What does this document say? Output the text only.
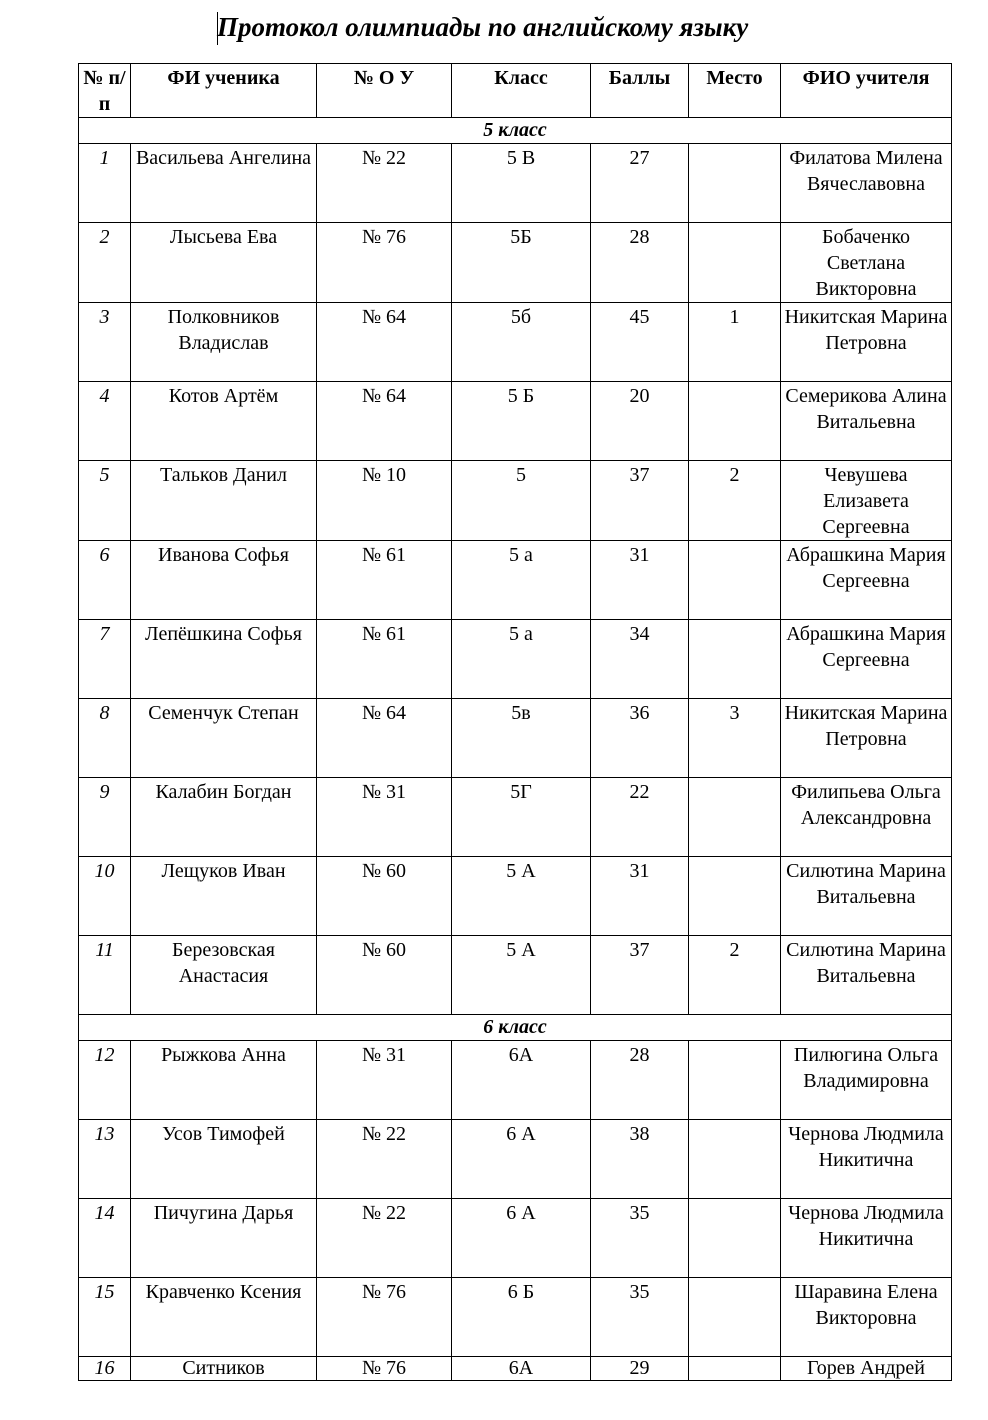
Протокол олимпиады по английскому языку
№ п/п	ФИ ученика	№ О У	Класс	Баллы	Место	ФИО учителя
5 класс						
1	Васильева Ангелина	№ 22	5 В	27		Филатова Милена Вячеславовна
2	Лысьева Ева	№ 76	5Б	28		Бобаченко Светлана Викторовна
3	Полковников Владислав	№ 64	5б	45	1	Никитская Марина Петровна
4	Котов Артём	№ 64	5 Б	20		Семерикова Алина Витальевна
5	Тальков Данил	№ 10	5	37	2	Чевушева Елизавета Сергеевна
6	Иванова Софья	№ 61	5 а	31		Абрашкина Мария Сергеевна
7	Лепёшкина Софья	№ 61	5 а	34		Абрашкина Мария Сергеевна
8	Семенчук Степан	№ 64	5в	36	3	Никитская Марина Петровна
9	Калабин Богдан	№ 31	5Г	22		Филипьева Ольга Александровна
10	Лещуков Иван	№ 60	5 А	31		Силютина Марина Витальевна
11	Березовская Анастасия	№ 60	5 А	37	2	Силютина Марина Витальевна
6 класс						
12	Рыжкова Анна	№ 31	6А	28		Пилюгина Ольга Владимировна
13	Усов Тимофей	№ 22	6 А	38		Чернова Людмила Никитична
14	Пичугина Дарья	№ 22	6 А	35		Чернова Людмила Никитична
15	Кравченко Ксения	№ 76	6 Б	35		Шаравина Елена Викторовна
16	Ситников	№ 76	6А	29		Горев Андрей
